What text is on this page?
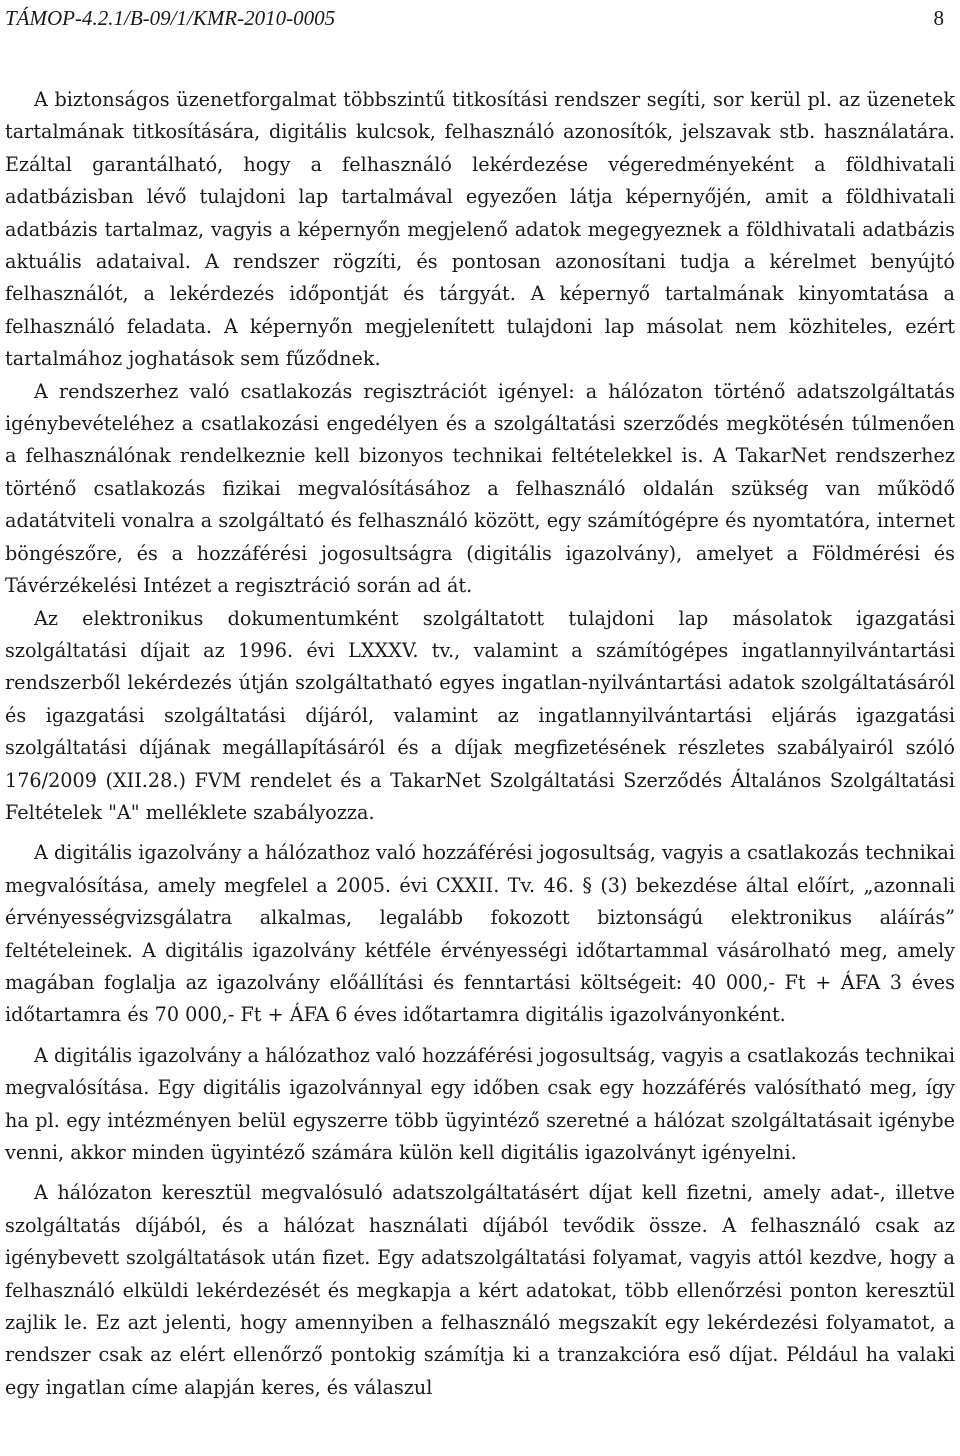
TÁMOP-4.2.1/B-09/1/KMR-2010-0005	8

A biztonságos üzenetforgalmat többszintű titkosítási rendszer segíti, sor kerül pl. az üzenetek tartalmának titkosítására, digitális kulcsok, felhasználó azonosítók, jelszavak stb. használatára. Ezáltal garantálható, hogy a felhasználó lekérdezése végeredményeként a földhivatali adatbázisban lévő tulajdoni lap tartalmával egyezően látja képernyőjén, amit a földhivatali adatbázis tartalmaz, vagyis a képernyőn megjelenő adatok megegyeznek a földhivatali adatbázis aktuális adataival. A rendszer rögzíti, és pontosan azonosítani tudja a kérelmet benyújtó felhasználót, a lekérdezés időpontját és tárgyát. A képernyő tartalmának kinyomtatása a felhasználó feladata. A képernyőn megjelenített tulajdoni lap másolat nem közhiteles, ezért tartalmához joghatások sem fűződnek.

A rendszerhez való csatlakozás regisztrációt igényel: a hálózaton történő adatszolgáltatás igénybevételéhez a csatlakozási engedélyen és a szolgáltatási szerződés megkötésén túlmenően a felhasználónak rendelkeznie kell bizonyos technikai feltételekkel is. A TakarNet rendszerhez történő csatlakozás fizikai megvalósításához a felhasználó oldalán szükség van működő adatátviteli vonalra a szolgáltató és felhasználó között, egy számítógépre és nyomtatóra, internet böngészőre, és a hozzáférési jogosultságra (digitális igazolvány), amelyet a Földmérési és Távérzékelési Intézet a regisztráció során ad át.

Az elektronikus dokumentumként szolgáltatott tulajdoni lap másolatok igazgatási szolgáltatási díjait az 1996. évi LXXXV. tv., valamint a számítógépes ingatlannyilvántartási rendszerből lekérdezés útján szolgáltatható egyes ingatlan-nyilvántartási adatok szolgáltatásáról és igazgatási szolgáltatási díjáról, valamint az ingatlannyilvántartási eljárás igazgatási szolgáltatási díjának megállapításáról és a díjak megfizetésének részletes szabályairól szóló 176/2009 (XII.28.) FVM rendelet és a TakarNet Szolgáltatási Szerződés Általános Szolgáltatási Feltételek "A" melléklete szabályozza.

A digitális igazolvány a hálózathoz való hozzáférési jogosultság, vagyis a csatlakozás technikai megvalósítása, amely megfelel a 2005. évi CXXII. Tv. 46. § (3) bekezdése által előírt, „azonnali érvényességvizsgálatra alkalmas, legalább fokozott biztonságú elektronikus aláírás” feltételeinek. A digitális igazolvány kétféle érvényességi időtartammal vásárolható meg, amely magában foglalja az igazolvány előállítási és fenntartási költségeit: 40 000,- Ft + ÁFA 3 éves időtartamra és 70 000,- Ft + ÁFA 6 éves időtartamra digitális igazolványonként.

A digitális igazolvány a hálózathoz való hozzáférési jogosultság, vagyis a csatlakozás technikai megvalósítása. Egy digitális igazolvánnyal egy időben csak egy hozzáférés valósítható meg, így ha pl. egy intézményen belül egyszerre több ügyintéző szeretné a hálózat szolgáltatásait igénybe venni, akkor minden ügyintéző számára külön kell digitális igazolványt igényelni.

A hálózaton keresztül megvalósuló adatszolgáltatásért díjat kell fizetni, amely adat-, illetve szolgáltatás díjából, és a hálózat használati díjából tevődik össze. A felhasználó csak az igénybevett szolgáltatások után fizet. Egy adatszolgáltatási folyamat, vagyis attól kezdve, hogy a felhasználó elküldi lekérdezését és megkapja a kért adatokat, több ellenőrzési ponton keresztül zajlik le. Ez azt jelenti, hogy amennyiben a felhasználó megszakít egy lekérdezési folyamatot, a rendszer csak az elért ellenőrző pontokig számítja ki a tranzakcióra eső díjat. Például ha valaki egy ingatlan címe alapján keres, és válaszul
